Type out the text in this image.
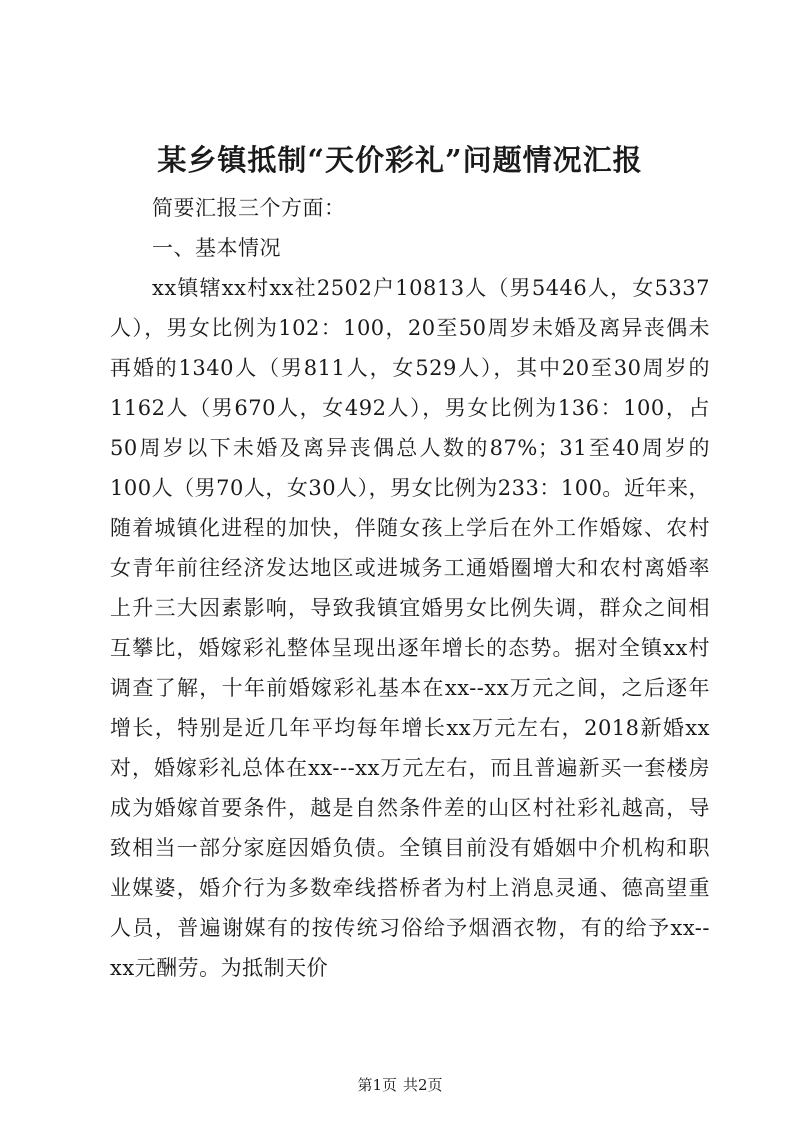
某乡镇抵制“天价彩礼”问题情况汇报

简要汇报三个方面：

一、基本情况

xx镇辖xx村xx社2502户10813人（男5446人，女5337人），男女比例为102：100，20至50周岁未婚及离异丧偶未再婚的1340人（男811人，女529人），其中20至30周岁的1162人（男670人，女492人），男女比例为136：100，占50周岁以下未婚及离异丧偶总人数的87%；31至40周岁的100人（男70人，女30人），男女比例为233：100。近年来，随着城镇化进程的加快，伴随女孩上学后在外工作婚嫁、农村女青年前往经济发达地区或进城务工通婚圈增大和农村离婚率上升三大因素影响，导致我镇宜婚男女比例失调，群众之间相互攀比，婚嫁彩礼整体呈现出逐年增长的态势。据对全镇xx村调查了解，十年前婚嫁彩礼基本在xx--xx万元之间，之后逐年增长，特别是近几年平均每年增长xx万元左右，2018新婚xx对，婚嫁彩礼总体在xx---xx万元左右，而且普遍新买一套楼房成为婚嫁首要条件，越是自然条件差的山区村社彩礼越高，导致相当一部分家庭因婚负债。全镇目前没有婚姻中介机构和职业媒婆，婚介行为多数牵线搭桥者为村上消息灵通、德高望重人员，普遍谢媒有的按传统习俗给予烟酒衣物，有的给予xx--xx元酬劳。为抵制天价

第1页 共2页
